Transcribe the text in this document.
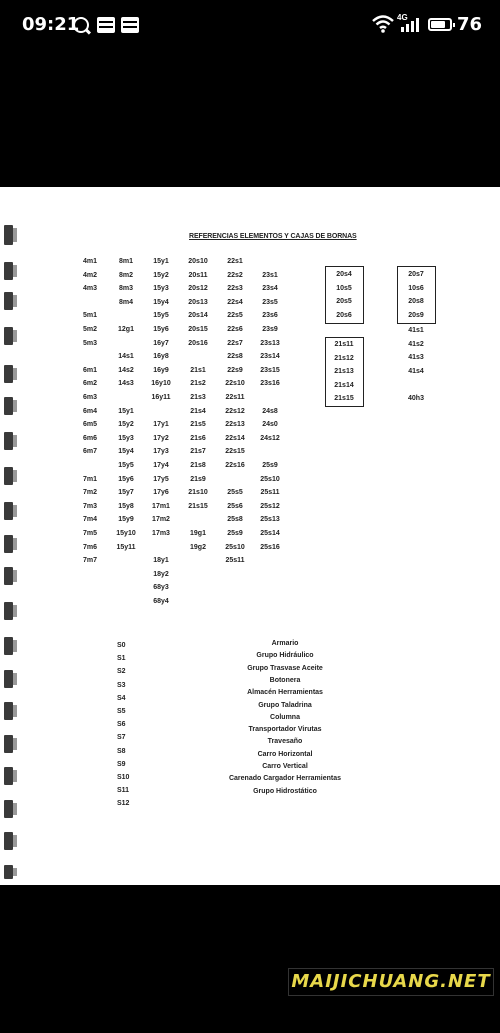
09:21	4G	76
REFERENCIAS ELEMENTOS Y CAJAS DE BORNAS
4m1
4m2
4m3
5m1
5m2
5m3
6m1
6m2
6m3
6m4
6m5
6m6
6m7
7m1
7m2
7m3
7m4
7m5
7m6
7m7
8m1
8m2
8m3
8m4
12g1
14s1
14s2
14s3
15y1
15y2
15y3
15y4
15y5
15y6
15y7
15y8
15y9
15y10
15y11
15y1
15y2
15y3
15y4
15y5
15y6
16y7
16y8
16y9
16y10
16y11
17y1
17y2
17y3
17y4
17y5
17y6
17m1
17m2
17m3
18y1
18y2
68y3
68y4
20s10
20s11
20s12
20s13
20s14
20s15
20s16
21s1
21s2
21s3
21s4
21s5
21s6
21s7
21s8
21s9
21s10
21s15
19g1
19g2
22s1
22s2
22s3
22s4
22s5
22s6
22s7
22s8
22s9
22s10
22s11
22s12
22s13
22s14
22s15
22s16
25s5
25s6
25s8
25s9
25s10
25s11
23s1
23s4
23s5
23s6
23s9
23s13
23s14
23s15
23s16
24s8
24s0
24s12
25s9
25s10
25s11
25s12
25s13
25s14
25s16
20s4
10s5
20s5
20s6
21s11
21s12
21s13
21s14
21s15
20s7
10s6
20s8
20s9
41s1
41s2
41s3
41s4
40h3
S0
S1
S2
S3
S4
S5
S6
S7
S8
S9
S10
S11
S12
Armario
Grupo Hidráulico
Grupo Trasvase Aceite
Botonera
Almacén Herramientas
Grupo Taladrina
Columna
Transportador Virutas
Travesaño
Carro Horizontal
Carro Vertical
Carenado Cargador Herramientas
Grupo Hidrostático
MAIJICHUANG.NET
